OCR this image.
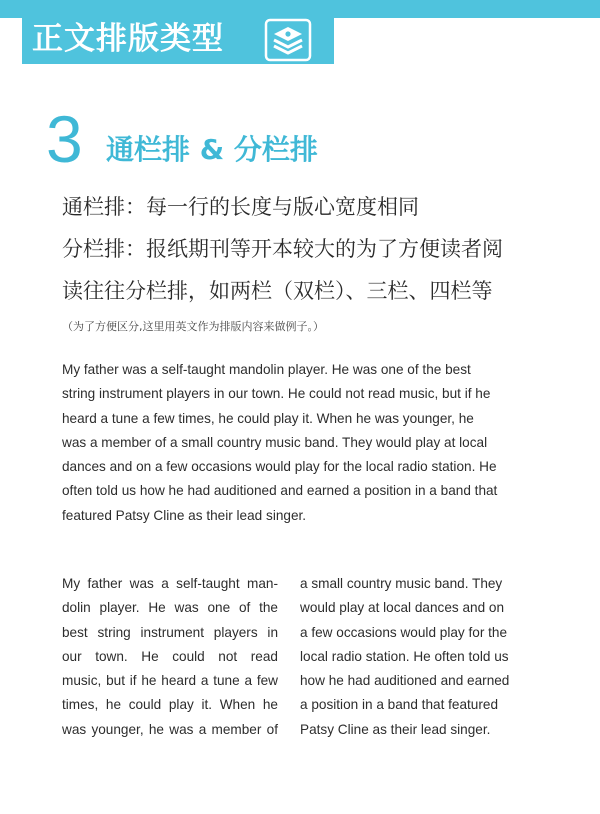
正文排版类型
3 通栏排 & 分栏排
通栏排：每一行的长度与版心宽度相同
分栏排：报纸期刊等开本较大的为了方便读者阅
读往往分栏排，如两栏（双栏）、三栏、四栏等
（为了方便区分,这里用英文作为排版内容来做例子。）

My father was a self-taught mandolin player. He was one of the best
string instrument players in our town. He could not read music, but if he
heard a tune a few times, he could play it. When he was younger, he
was a member of a small country music band. They would play at local
dances and on a few occasions would play for the local radio station. He
often told us how he had auditioned and earned a position in a band that
featured Patsy Cline as their lead singer.

My father was a self-taught man-
dolin player. He was one of the
best string instrument players in
our town. He could not read
music, but if he heard a tune a few
times, he could play it. When he
was younger, he was a member of

a small country music band. They
would play at local dances and on
a few occasions would play for the
local radio station. He often told us
how he had auditioned and earned
a position in a band that featured
Patsy Cline as their lead singer.
